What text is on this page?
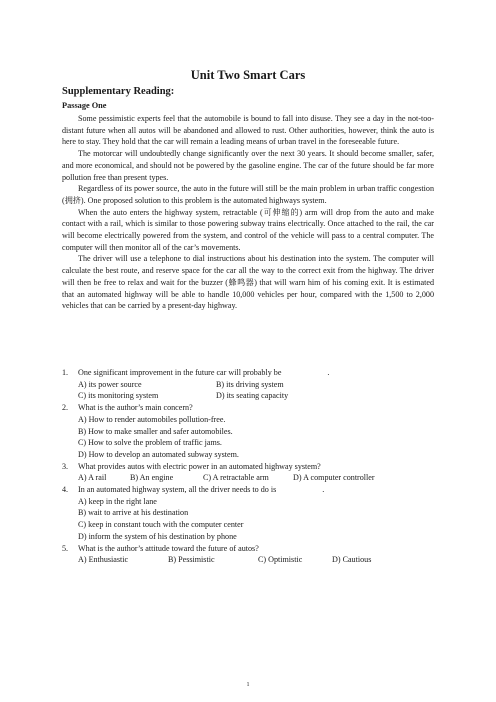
Unit Two Smart Cars
Supplementary Reading:
Passage One

Some pessimistic experts feel that the automobile is bound to fall into disuse. They see a day in the not-too-distant future when all autos will be abandoned and allowed to rust. Other authorities, however, think the auto is here to stay. They hold that the car will remain a leading means of urban travel in the foreseeable future.

The motorcar will undoubtedly change significantly over the next 30 years. It should become smaller, safer, and more economical, and should not be powered by the gasoline engine. The car of the future should be far more pollution free than present types.

Regardless of its power source, the auto in the future will still be the main problem in urban traffic congestion (拥挤). One proposed solution to this problem is the automated highways system.

When the auto enters the highway system, retractable (可伸缩的) arm will drop from the auto and make contact with a rail, which is similar to those powering subway trains electrically. Once attached to the rail, the car will become electrically powered from the system, and control of the vehicle will pass to a central computer. The computer will then monitor all of the car’s movements.

The driver will use a telephone to dial instructions about his destination into the system. The computer will calculate the best route, and reserve space for the car all the way to the correct exit from the highway. The driver will then be free to relax and wait for the buzzer (蜂鸣器) that will warn him of his coming exit. It is estimated that an automated highway will be able to handle 10,000 vehicles per hour, compared with the 1,500 to 2,000 vehicles that can be carried by a present-day highway.

1. One significant improvement in the future car will probably be	.
A) its power source	B) its driving system
C) its monitoring system	D) its seating capacity
2. What is the author’s main concern?
A) How to render automobiles pollution-free.
B) How to make smaller and safer automobiles.
C) How to solve the problem of traffic jams.
D) How to develop an automated subway system.
3. What provides autos with electric power in an automated highway system?
A) A rail	B) An engine	C) A retractable arm	D) A computer controller
4. In an automated highway system, all the driver needs to do is	.
A) keep in the right lane
B) wait to arrive at his destination
C) keep in constant touch with the computer center
D) inform the system of his destination by phone
5. What is the author’s attitude toward the future of autos?
A) Enthusiastic	B) Pessimistic	C) Optimistic	D) Cautious
1
